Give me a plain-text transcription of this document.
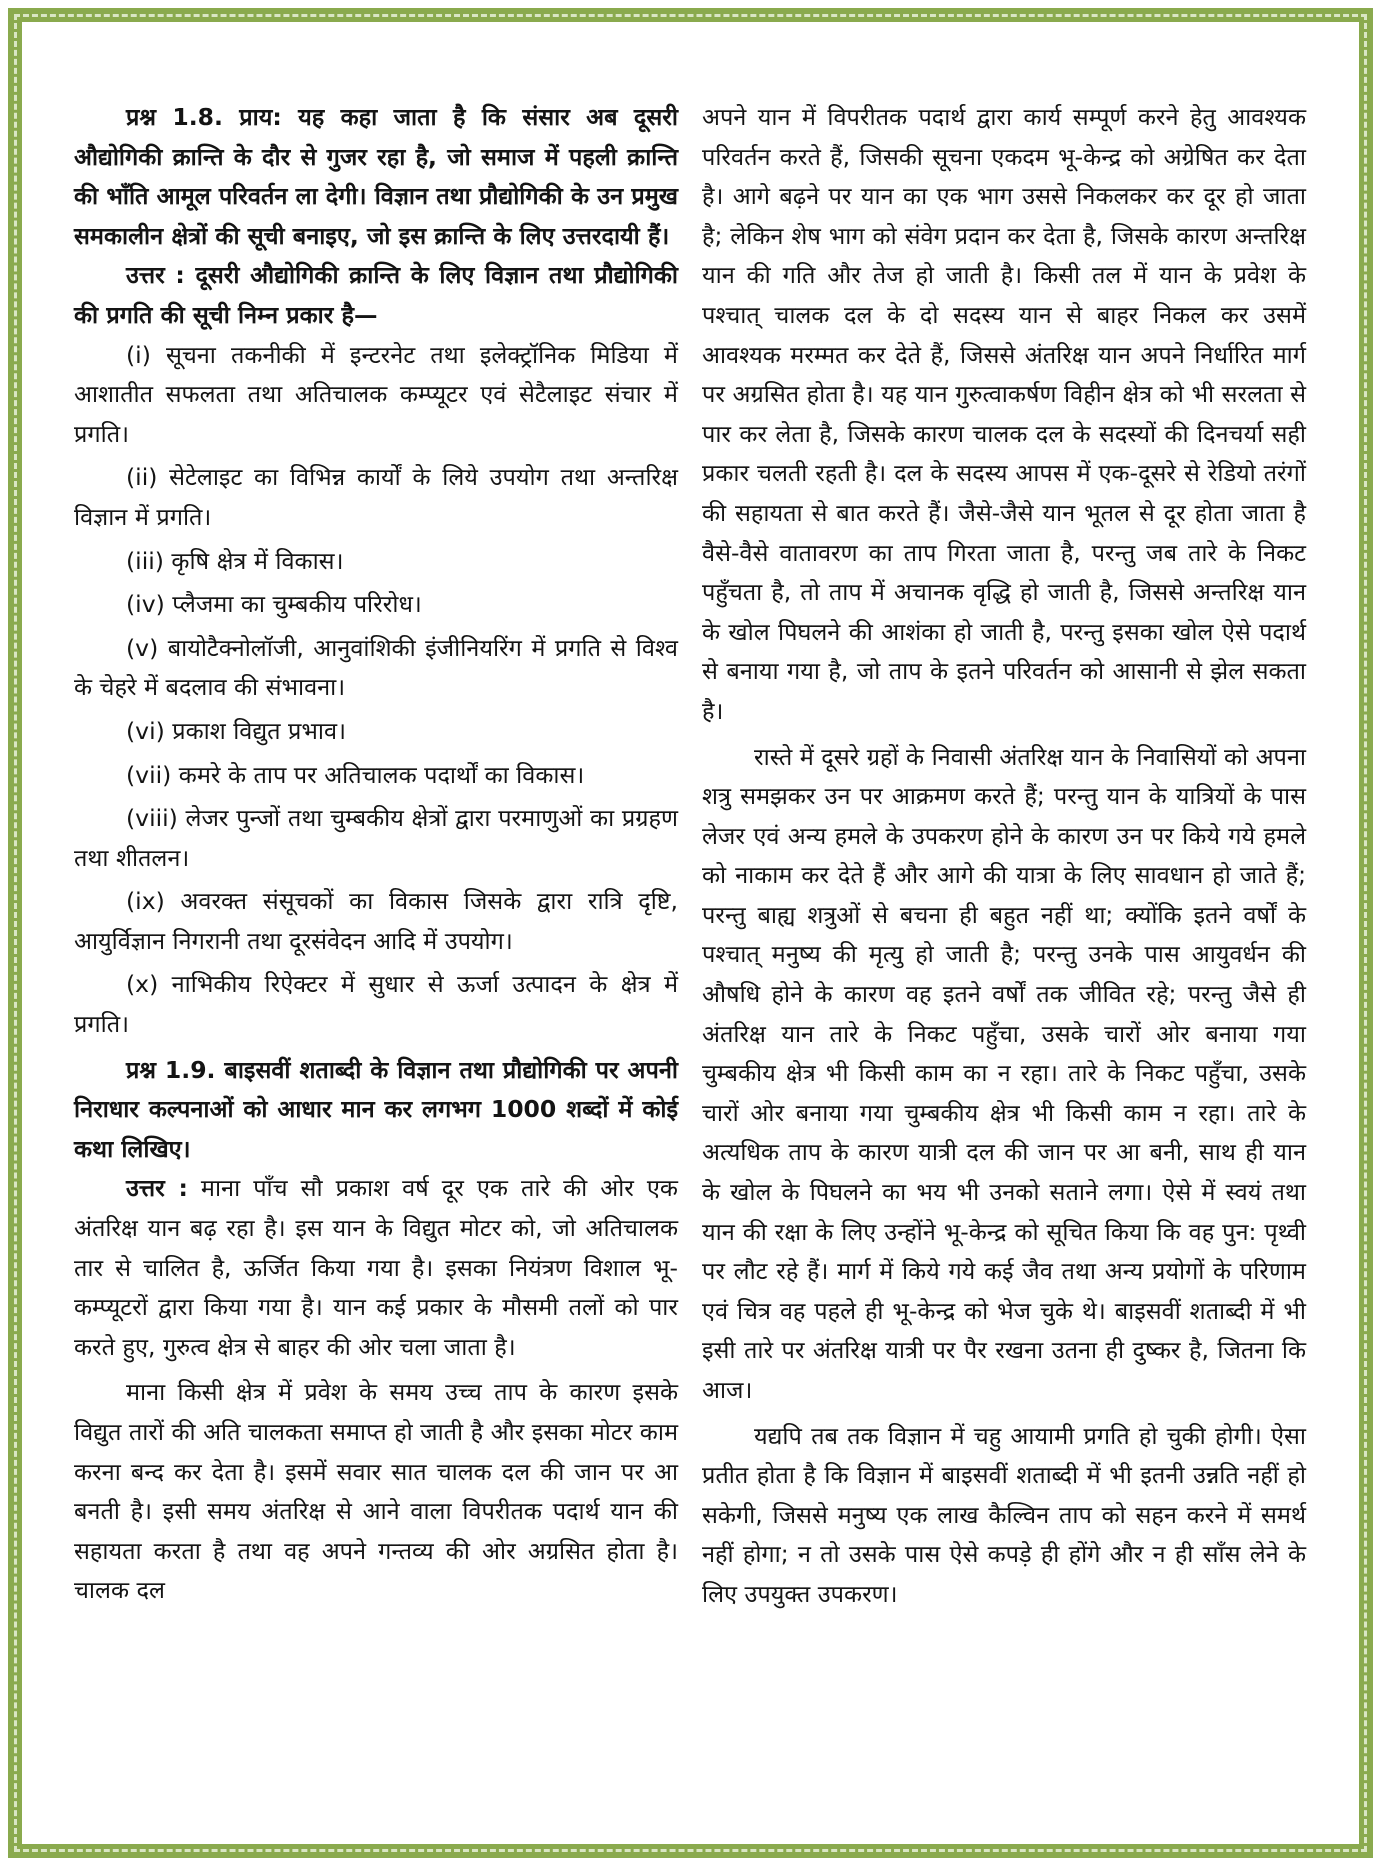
प्रश्न 1.8. प्राय: यह कहा जाता है कि संसार अब दूसरी औद्योगिकी क्रान्ति के दौर से गुजर रहा है, जो समाज में पहली क्रान्ति की भाँति आमूल परिवर्तन ला देगी। विज्ञान तथा प्रौद्योगिकी के उन प्रमुख समकालीन क्षेत्रों की सूची बनाइए, जो इस क्रान्ति के लिए उत्तरदायी हैं।

उत्तर : दूसरी औद्योगिकी क्रान्ति के लिए विज्ञान तथा प्रौद्योगिकी की प्रगति की सूची निम्न प्रकार है—

(i) सूचना तकनीकी में इन्टरनेट तथा इलेक्ट्रॉनिक मिडिया में आशातीत सफलता तथा अतिचालक कम्प्यूटर एवं सेटैलाइट संचार में प्रगति।

(ii) सेटेलाइट का विभिन्न कार्यों के लिये उपयोग तथा अन्तरिक्ष विज्ञान में प्रगति।

(iii) कृषि क्षेत्र में विकास।

(iv) प्लैजमा का चुम्बकीय परिरोध।

(v) बायोटैक्नोलॉजी, आनुवांशिकी इंजीनियरिंग में प्रगति से विश्व के चेहरे में बदलाव की संभावना।

(vi) प्रकाश विद्युत प्रभाव।

(vii) कमरे के ताप पर अतिचालक पदार्थों का विकास।

(viii) लेजर पुन्जों तथा चुम्बकीय क्षेत्रों द्वारा परमाणुओं का प्रग्रहण तथा शीतलन।

(ix) अवरक्त संसूचकों का विकास जिसके द्वारा रात्रि दृष्टि, आयुर्विज्ञान निगरानी तथा दूरसंवेदन आदि में उपयोग।

(x) नाभिकीय रिऐक्टर में सुधार से ऊर्जा उत्पादन के क्षेत्र में प्रगति।

प्रश्न 1.9. बाइसवीं शताब्दी के विज्ञान तथा प्रौद्योगिकी पर अपनी निराधार कल्पनाओं को आधार मान कर लगभग 1000 शब्दों में कोई कथा लिखिए।

उत्तर : माना पाँच सौ प्रकाश वर्ष दूर एक तारे की ओर एक अंतरिक्ष यान बढ़ रहा है। इस यान के विद्युत मोटर को, जो अतिचालक तार से चालित है, ऊर्जित किया गया है। इसका नियंत्रण विशाल भू-कम्प्यूटरों द्वारा किया गया है। यान कई प्रकार के मौसमी तलों को पार करते हुए, गुरुत्व क्षेत्र से बाहर की ओर चला जाता है।

माना किसी क्षेत्र में प्रवेश के समय उच्च ताप के कारण इसके विद्युत तारों की अति चालकता समाप्त हो जाती है और इसका मोटर काम करना बन्द कर देता है। इसमें सवार सात चालक दल की जान पर आ बनती है। इसी समय अंतरिक्ष से आने वाला विपरीतक पदार्थ यान की सहायता करता है तथा वह अपने गन्तव्य की ओर अग्रसित होता है। चालक दल

अपने यान में विपरीतक पदार्थ द्वारा कार्य सम्पूर्ण करने हेतु आवश्यक परिवर्तन करते हैं, जिसकी सूचना एकदम भू-केन्द्र को अग्रेषित कर देता है। आगे बढ़ने पर यान का एक भाग उससे निकलकर कर दूर हो जाता है; लेकिन शेष भाग को संवेग प्रदान कर देता है, जिसके कारण अन्तरिक्ष यान की गति और तेज हो जाती है। किसी तल में यान के प्रवेश के पश्चात् चालक दल के दो सदस्य यान से बाहर निकल कर उसमें आवश्यक मरम्मत कर देते हैं, जिससे अंतरिक्ष यान अपने निर्धारित मार्ग पर अग्रसित होता है। यह यान गुरुत्वाकर्षण विहीन क्षेत्र को भी सरलता से पार कर लेता है, जिसके कारण चालक दल के सदस्यों की दिनचर्या सही प्रकार चलती रहती है। दल के सदस्य आपस में एक-दूसरे से रेडियो तरंगों की सहायता से बात करते हैं। जैसे-जैसे यान भूतल से दूर होता जाता है वैसे-वैसे वातावरण का ताप गिरता जाता है, परन्तु जब तारे के निकट पहुँचता है, तो ताप में अचानक वृद्धि हो जाती है, जिससे अन्तरिक्ष यान के खोल पिघलने की आशंका हो जाती है, परन्तु इसका खोल ऐसे पदार्थ से बनाया गया है, जो ताप के इतने परिवर्तन को आसानी से झेल सकता है।

रास्ते में दूसरे ग्रहों के निवासी अंतरिक्ष यान के निवासियों को अपना शत्रु समझकर उन पर आक्रमण करते हैं; परन्तु यान के यात्रियों के पास लेजर एवं अन्य हमले के उपकरण होने के कारण उन पर किये गये हमले को नाकाम कर देते हैं और आगे की यात्रा के लिए सावधान हो जाते हैं; परन्तु बाह्य शत्रुओं से बचना ही बहुत नहीं था; क्योंकि इतने वर्षों के पश्चात् मनुष्य की मृत्यु हो जाती है; परन्तु उनके पास आयुवर्धन की औषधि होने के कारण वह इतने वर्षों तक जीवित रहे; परन्तु जैसे ही अंतरिक्ष यान तारे के निकट पहुँचा, उसके चारों ओर बनाया गया चुम्बकीय क्षेत्र भी किसी काम का न रहा। तारे के निकट पहुँचा, उसके चारों ओर बनाया गया चुम्बकीय क्षेत्र भी किसी काम न रहा। तारे के अत्यधिक ताप के कारण यात्री दल की जान पर आ बनी, साथ ही यान के खोल के पिघलने का भय भी उनको सताने लगा। ऐसे में स्वयं तथा यान की रक्षा के लिए उन्होंने भू-केन्द्र को सूचित किया कि वह पुन: पृथ्वी पर लौट रहे हैं। मार्ग में किये गये कई जैव तथा अन्य प्रयोगों के परिणाम एवं चित्र वह पहले ही भू-केन्द्र को भेज चुके थे। बाइसवीं शताब्दी में भी इसी तारे पर अंतरिक्ष यात्री पर पैर रखना उतना ही दुष्कर है, जितना कि आज।

यद्यपि तब तक विज्ञान में चहु आयामी प्रगति हो चुकी होगी। ऐसा प्रतीत होता है कि विज्ञान में बाइसवीं शताब्दी में भी इतनी उन्नति नहीं हो सकेगी, जिससे मनुष्य एक लाख कैल्विन ताप को सहन करने में समर्थ नहीं होगा; न तो उसके पास ऐसे कपड़े ही होंगे और न ही साँस लेने के लिए उपयुक्त उपकरण।
